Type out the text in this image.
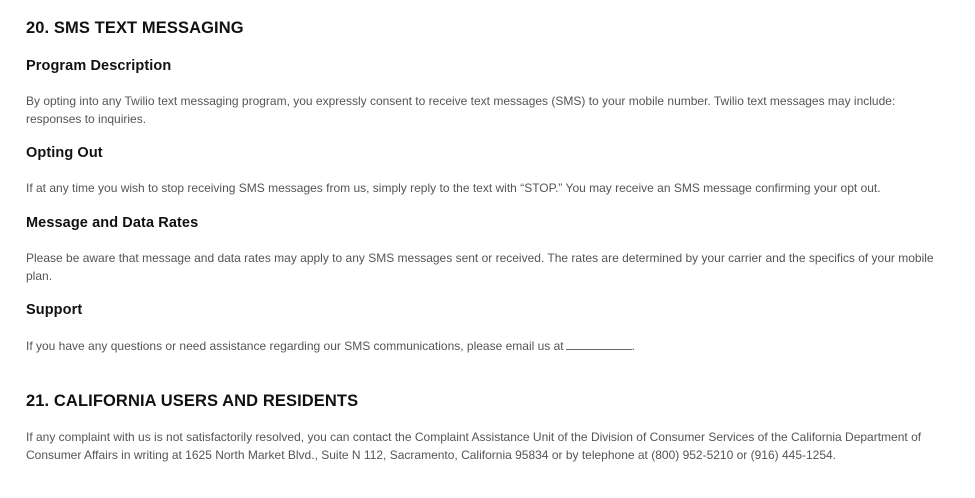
20. SMS TEXT MESSAGING
Program Description
By opting into any Twilio text messaging program, you expressly consent to receive text messages (SMS) to your mobile number. Twilio text messages may include: responses to inquiries.
Opting Out
If at any time you wish to stop receiving SMS messages from us, simply reply to the text with “STOP.” You may receive an SMS message confirming your opt out.
Message and Data Rates
Please be aware that message and data rates may apply to any SMS messages sent or received. The rates are determined by your carrier and the specifics of your mobile plan.
Support
If you have any questions or need assistance regarding our SMS communications, please email us at	.
21. CALIFORNIA USERS AND RESIDENTS
If any complaint with us is not satisfactorily resolved, you can contact the Complaint Assistance Unit of the Division of Consumer Services of the California Department of Consumer Affairs in writing at 1625 North Market Blvd., Suite N 112, Sacramento, California 95834 or by telephone at (800) 952-5210 or (916) 445-1254.
